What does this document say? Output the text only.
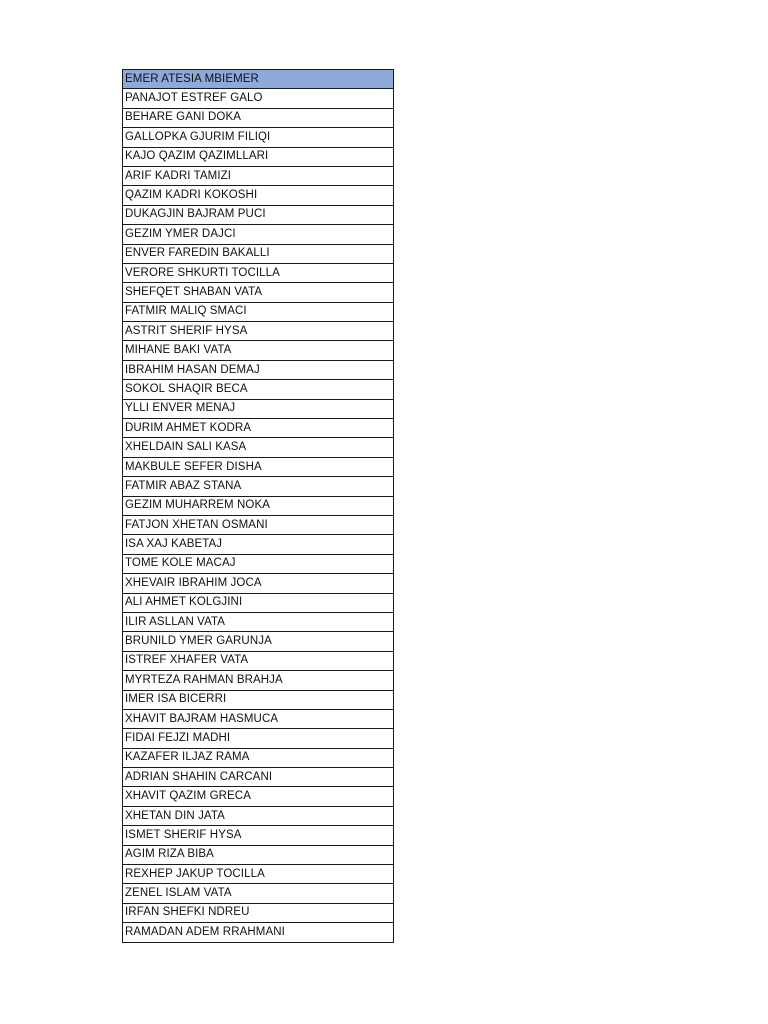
EMER ATESIA MBIEMER
PANAJOT ESTREF GALO
BEHARE GANI DOKA
GALLOPKA GJURIM FILIQI
KAJO QAZIM QAZIMLLARI
ARIF KADRI TAMIZI
QAZIM KADRI KOKOSHI
DUKAGJIN BAJRAM PUCI
GEZIM YMER DAJCI
ENVER FAREDIN BAKALLI
VERORE SHKURTI TOCILLA
SHEFQET SHABAN VATA
FATMIR MALIQ SMACI
ASTRIT SHERIF HYSA
MIHANE BAKI VATA
IBRAHIM HASAN DEMAJ
SOKOL SHAQIR BECA
YLLI ENVER MENAJ
DURIM AHMET KODRA
XHELDAIN SALI KASA
MAKBULE SEFER DISHA
FATMIR ABAZ STANA
GEZIM MUHARREM NOKA
FATJON XHETAN OSMANI
ISA XAJ KABETAJ
TOME KOLE MACAJ
XHEVAIR IBRAHIM JOCA
ALI AHMET KOLGJINI
ILIR ASLLAN VATA
BRUNILD YMER GARUNJA
ISTREF XHAFER VATA
MYRTEZA RAHMAN BRAHJA
IMER ISA BICERRI
XHAVIT BAJRAM HASMUCA
FIDAI FEJZI MADHI
KAZAFER ILJAZ RAMA
ADRIAN SHAHIN CARCANI
XHAVIT QAZIM GRECA
XHETAN DIN JATA
ISMET SHERIF HYSA
AGIM RIZA BIBA
REXHEP JAKUP TOCILLA
ZENEL ISLAM VATA
IRFAN SHEFKI NDREU
RAMADAN ADEM RRAHMANI
